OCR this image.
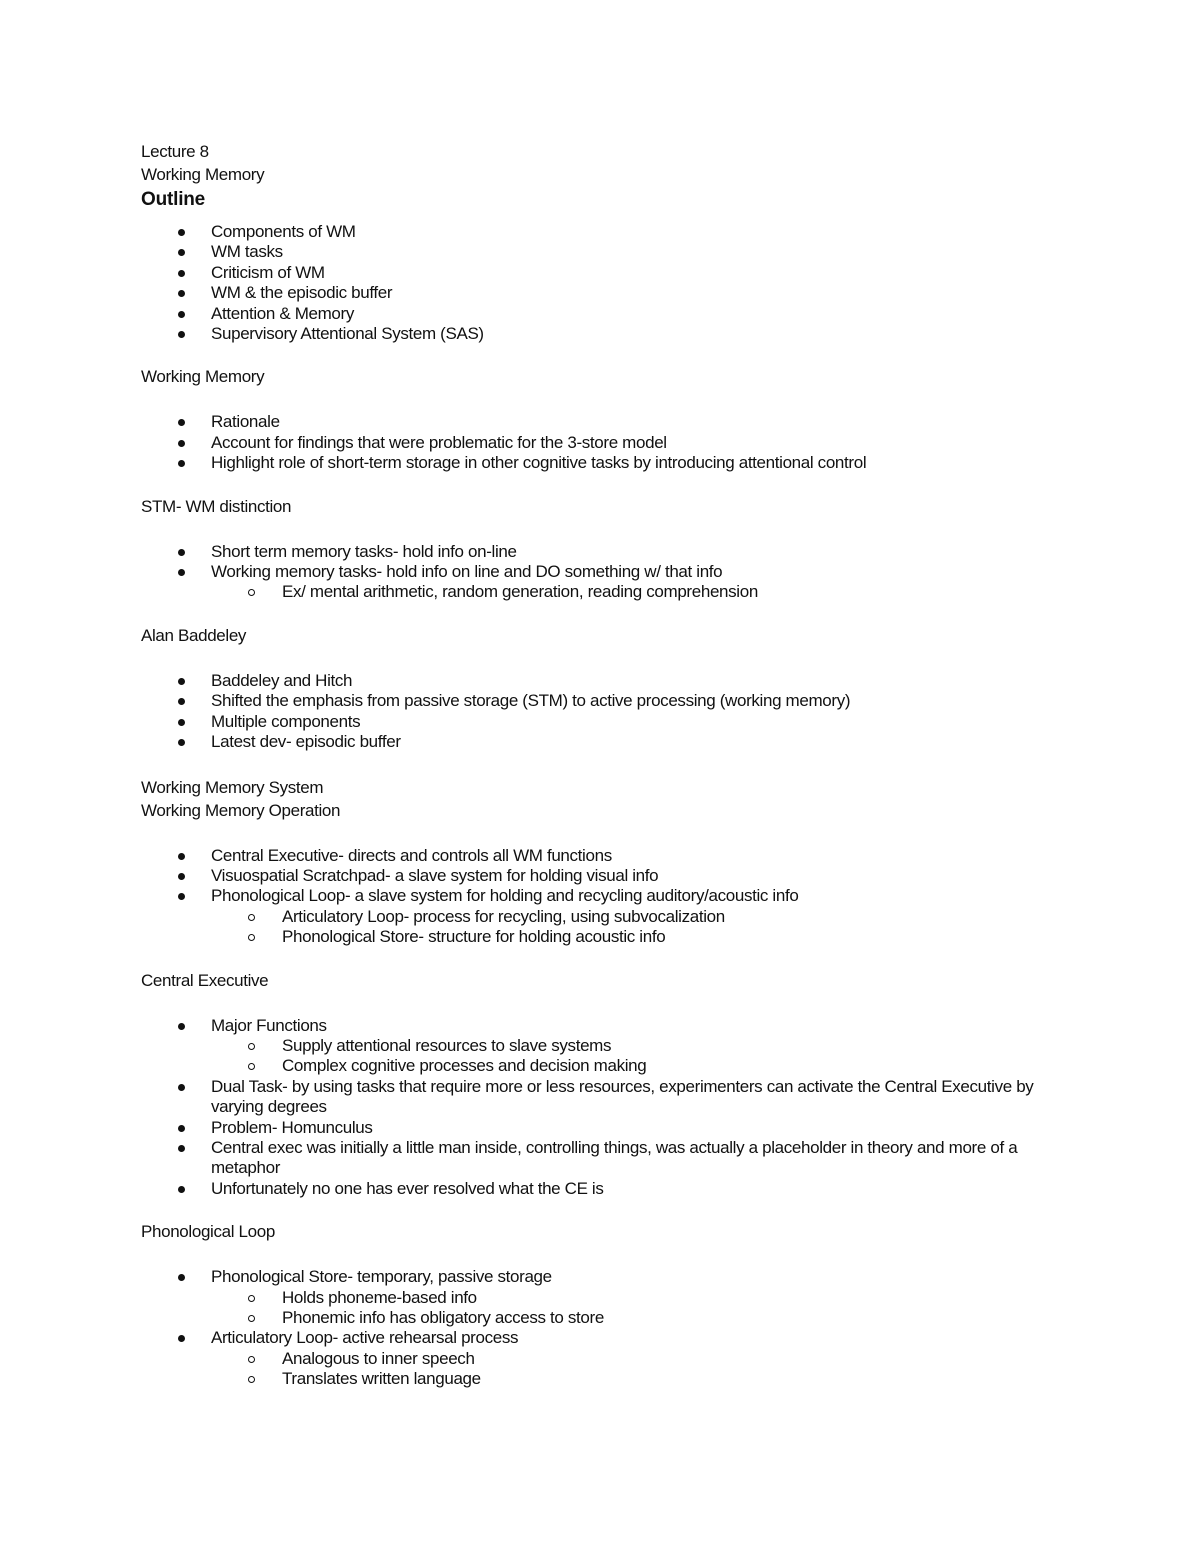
Lecture 8
Working Memory
Outline
Components of WM
WM tasks
Criticism of WM
WM & the episodic buffer
Attention & Memory
Supervisory Attentional System (SAS)
Working Memory
Rationale
Account for findings that were problematic for the 3-store model
Highlight role of short-term storage in other cognitive tasks by introducing attentional control
STM- WM distinction
Short term memory tasks- hold info on-line
Working memory tasks- hold info on line and DO something w/ that info
Ex/ mental arithmetic, random generation, reading comprehension
Alan Baddeley
Baddeley and Hitch
Shifted the emphasis from passive storage (STM) to active processing (working memory)
Multiple components
Latest dev- episodic buffer
Working Memory System
Working Memory Operation
Central Executive- directs and controls all WM functions
Visuospatial Scratchpad- a slave system for holding visual info
Phonological Loop- a slave system for holding and recycling auditory/acoustic info
Articulatory Loop- process for recycling, using subvocalization
Phonological Store- structure for holding acoustic info
Central Executive
Major Functions
Supply attentional resources to slave systems
Complex cognitive processes and decision making
Dual Task- by using tasks that require more or less resources, experimenters can activate the Central Executive by varying degrees
Problem- Homunculus
Central exec was initially a little man inside, controlling things, was actually a placeholder in theory and more of a metaphor
Unfortunately no one has ever resolved what the CE is
Phonological Loop
Phonological Store- temporary, passive storage
Holds phoneme-based info
Phonemic info has obligatory access to store
Articulatory Loop- active rehearsal process
Analogous to inner speech
Translates written language
